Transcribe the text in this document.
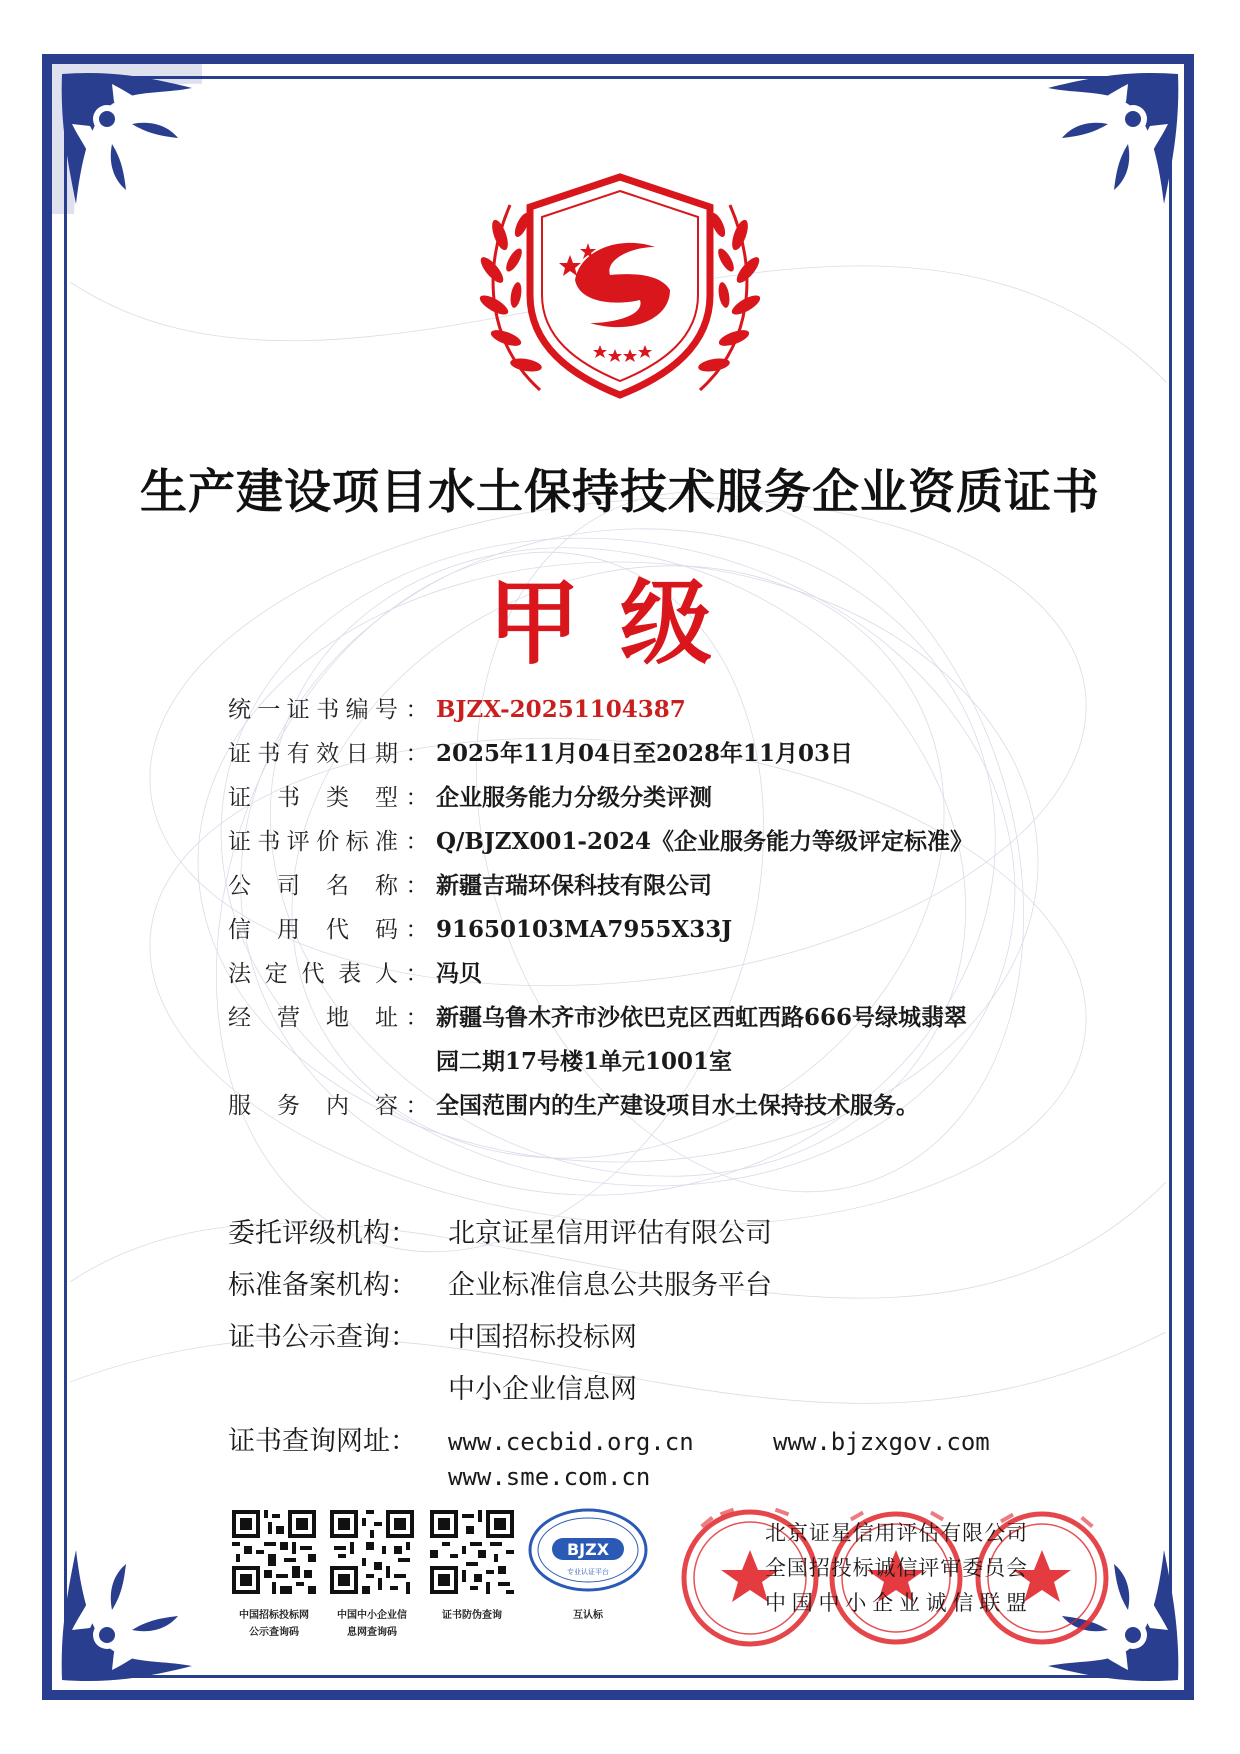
生产建设项目水土保持技术服务企业资质证书
甲级
统一证书编号 ： BJZX-20251104387
证书有效日期 ： 2025年11月04日至2028年11月03日
证书类型 ： 企业服务能力分级分类评测
证书评价标准 ： Q/BJZX001-2024《企业服务能力等级评定标准》
公司名称 ： 新疆吉瑞环保科技有限公司
信用代码 ： 91650103MA7955X33J
法定代表人 ： 冯贝
经营地址 ： 新疆乌鲁木齐市沙依巴克区西虹西路666号绿城翡翠
园二期17号楼1单元1001室
服务内容 ： 全国范围内的生产建设项目水土保持技术服务。
委托评级机构：	北京证星信用评估有限公司
标准备案机构：	企业标准信息公共服务平台
证书公示查询：	中国招标投标网
中小企业信息网
证书查询网址：	www.cecbid.org.cn	www.bjzxgov.com
www.sme.com.cn
中国招标投标网
公示查询码
中国中小企业信
息网查询码
证书防伪查询
BJZX
专业认证平台
互认标
北京证星信用评估有限公司
全国招投标诚信评审委员会
中国中小企业诚信联盟
